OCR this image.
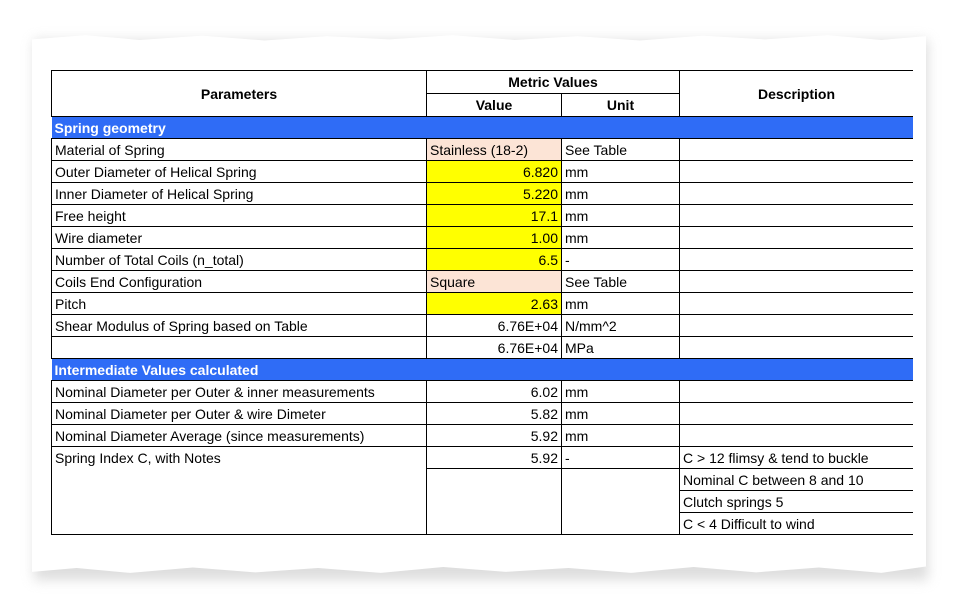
Parameters	Metric Values		Description
	Value	Unit	
Spring geometry			
Material of Spring	Stainless (18-2)	See Table	
Outer Diameter of Helical Spring	6.820	mm	
Inner Diameter of Helical Spring	5.220	mm	
Free height	17.1	mm	
Wire diameter	1.00	mm	
Number of Total Coils (n_total)	6.5	-	
Coils End Configuration	Square	See Table	
Pitch	2.63	mm	
Shear Modulus of Spring based on Table	6.76E+04	N/mm^2	
	6.76E+04	MPa	
Intermediate Values calculated			
Nominal Diameter per Outer & inner measurements	6.02	mm	
Nominal Diameter per Outer & wire Dimeter	5.82	mm	
Nominal Diameter Average (since measurements)	5.92	mm	
Spring Index C, with Notes	5.92	-	C > 12 flimsy & tend to buckle
			Nominal C between 8 and 10
			Clutch springs 5
			C < 4 Difficult to wind
